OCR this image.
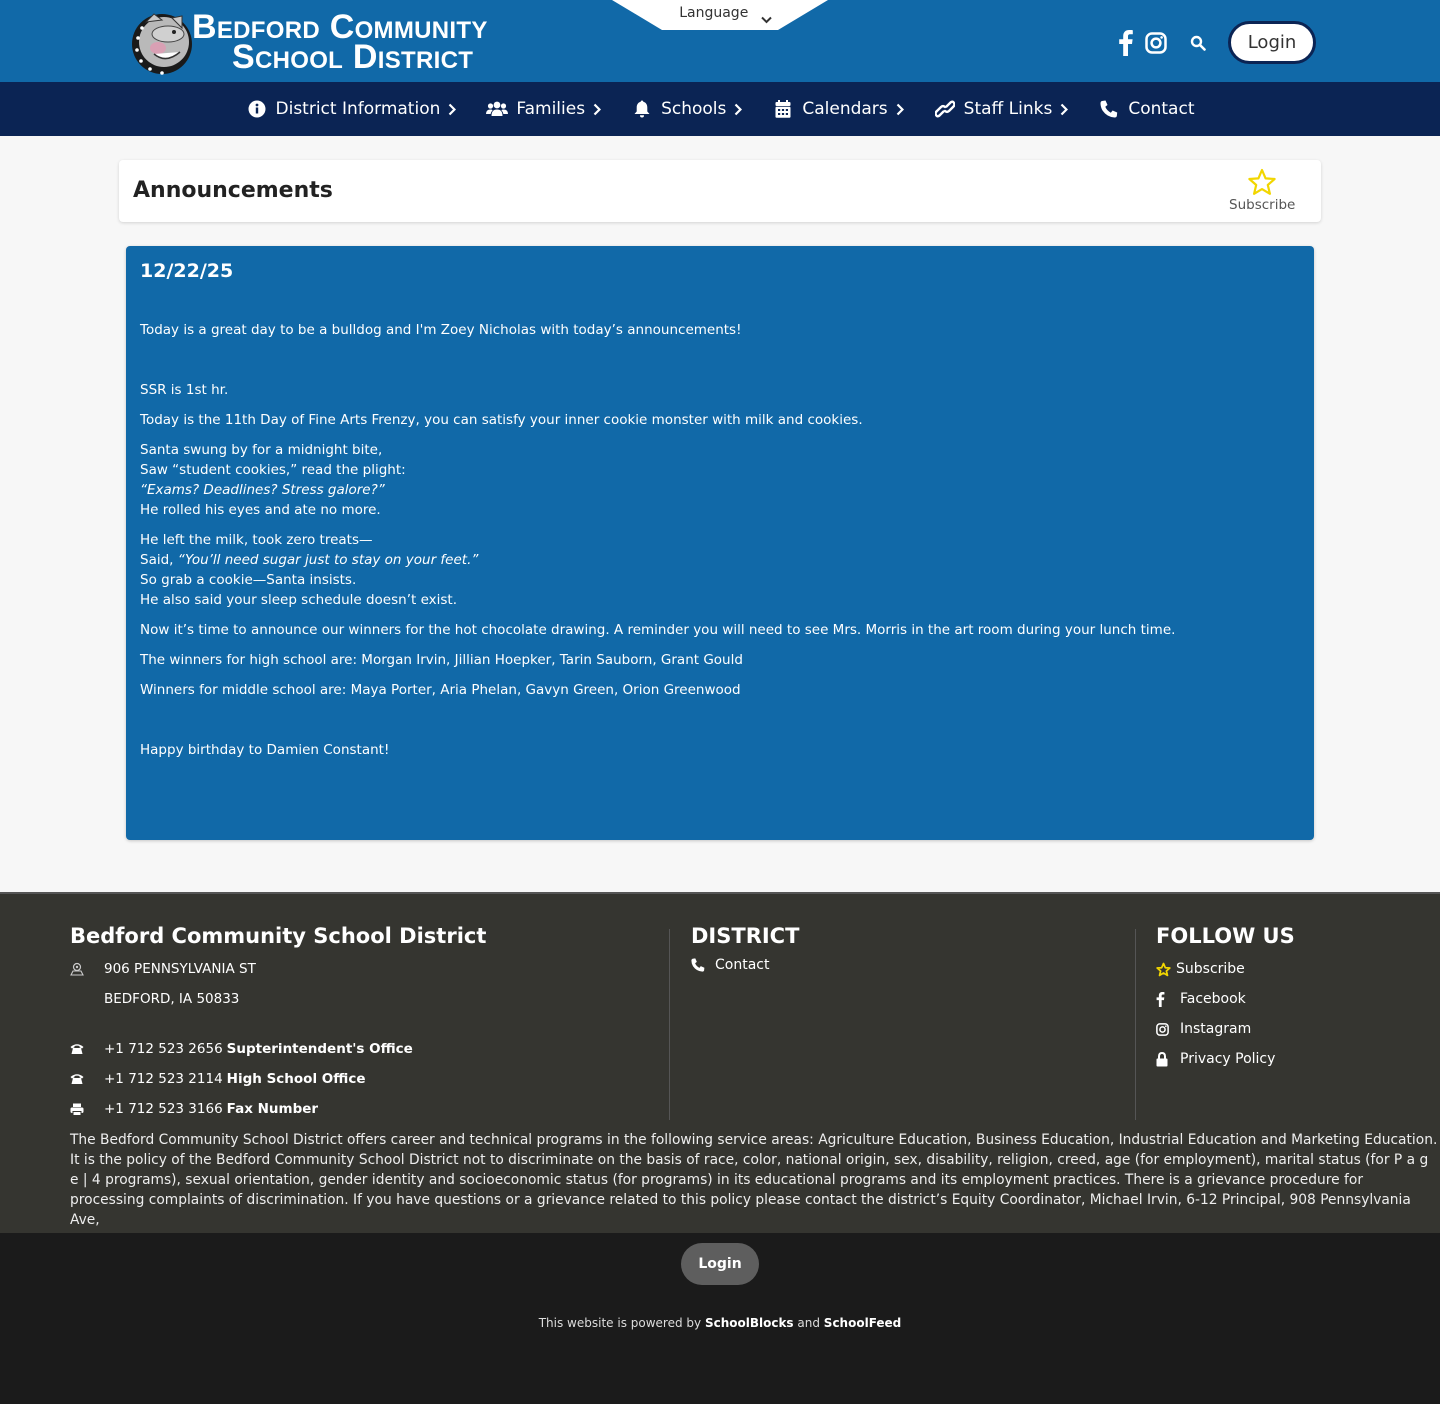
Bedford Community
School District
Language
Login
District Information	Families	Schools	Calendars	Staff Links	Contact
Announcements
Subscribe
12/22/25

Today is a great day to be a bulldog and I'm Zoey Nicholas with today’s announcements!

SSR is 1st hr.

Today is the 11th Day of Fine Arts Frenzy, you can satisfy your inner cookie monster with milk and cookies.

Santa swung by for a midnight bite,
Saw “student cookies,” read the plight:
“Exams? Deadlines? Stress galore?”
He rolled his eyes and ate no more.

He left the milk, took zero treats—
Said, “You’ll need sugar just to stay on your feet.”
So grab a cookie—Santa insists.
He also said your sleep schedule doesn’t exist.

Now it’s time to announce our winners for the hot chocolate drawing. A reminder you will need to see Mrs. Morris in the art room during your lunch time.

The winners for high school are: Morgan Irvin, Jillian Hoepker, Tarin Sauborn, Grant Gould

Winners for middle school are: Maya Porter, Aria Phelan, Gavyn Green, Orion Greenwood

Happy birthday to Damien Constant!

Bedford Community School District
906 PENNSYLVANIA ST
BEDFORD, IA 50833
+1 712 523 2656 Supterintendent's Office
+1 712 523 2114 High School Office
+1 712 523 3166 Fax Number
DISTRICT
Contact
FOLLOW US
Subscribe
Facebook
Instagram
Privacy Policy

The Bedford Community School District offers career and technical programs in the following service areas: Agriculture Education, Business Education, Industrial Education and Marketing Education. It is the policy of the Bedford Community School District not to discriminate on the basis of race, color, national origin, sex, disability, religion, creed, age (for employment), marital status (for P a g e | 4 programs), sexual orientation, gender identity and socioeconomic status (for programs) in its educational programs and its employment practices. There is a grievance procedure for processing complaints of discrimination. If you have questions or a grievance related to this policy please contact the district’s Equity Coordinator, Michael Irvin, 6-12 Principal, 908 Pennsylvania Ave,

Login
This website is powered by SchoolBlocks and SchoolFeed
